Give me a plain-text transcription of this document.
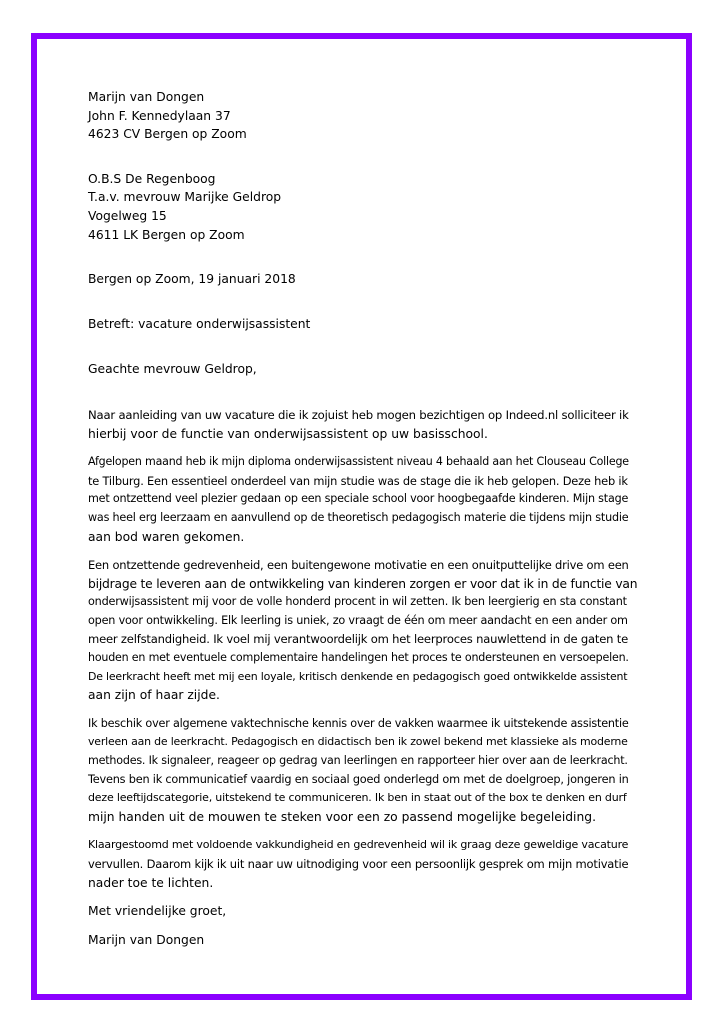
Marijn van Dongen
John F. Kennedylaan 37
4623 CV Bergen op Zoom
O.B.S De Regenboog
T.a.v. mevrouw Marijke Geldrop
Vogelweg 15
4611 LK Bergen op Zoom
Bergen op Zoom, 19 januari 2018
Betreft: vacature onderwijsassistent
Geachte mevrouw Geldrop,
Naar aanleiding van uw vacature die ik zojuist heb mogen bezichtigen op Indeed.nl solliciteer ik
hierbij voor de functie van onderwijsassistent op uw basisschool.
Afgelopen maand heb ik mijn diploma onderwijsassistent niveau 4 behaald aan het Clouseau College
te Tilburg. Een essentieel onderdeel van mijn studie was de stage die ik heb gelopen. Deze heb ik
met ontzettend veel plezier gedaan op een speciale school voor hoogbegaafde kinderen. Mijn stage
was heel erg leerzaam en aanvullend op de theoretisch pedagogisch materie die tijdens mijn studie
aan bod waren gekomen.
Een ontzettende gedrevenheid, een buitengewone motivatie en een onuitputtelijke drive om een
bijdrage te leveren aan de ontwikkeling van kinderen zorgen er voor dat ik in de functie van
onderwijsassistent mij voor de volle honderd procent in wil zetten. Ik ben leergierig en sta constant
open voor ontwikkeling. Elk leerling is uniek, zo vraagt de één om meer aandacht en een ander om
meer zelfstandigheid. Ik voel mij verantwoordelijk om het leerproces nauwlettend in de gaten te
houden en met eventuele complementaire handelingen het proces te ondersteunen en versoepelen.
De leerkracht heeft met mij een loyale, kritisch denkende en pedagogisch goed ontwikkelde assistent
aan zijn of haar zijde.
Ik beschik over algemene vaktechnische kennis over de vakken waarmee ik uitstekende assistentie
verleen aan de leerkracht. Pedagogisch en didactisch ben ik zowel bekend met klassieke als moderne
methodes. Ik signaleer, reageer op gedrag van leerlingen en rapporteer hier over aan de leerkracht.
Tevens ben ik communicatief vaardig en sociaal goed onderlegd om met de doelgroep, jongeren in
deze leeftijdscategorie, uitstekend te communiceren. Ik ben in staat out of the box te denken en durf
mijn handen uit de mouwen te steken voor een zo passend mogelijke begeleiding.
Klaargestoomd met voldoende vakkundigheid en gedrevenheid wil ik graag deze geweldige vacature
vervullen. Daarom kijk ik uit naar uw uitnodiging voor een persoonlijk gesprek om mijn motivatie
nader toe te lichten.
Met vriendelijke groet,
Marijn van Dongen
